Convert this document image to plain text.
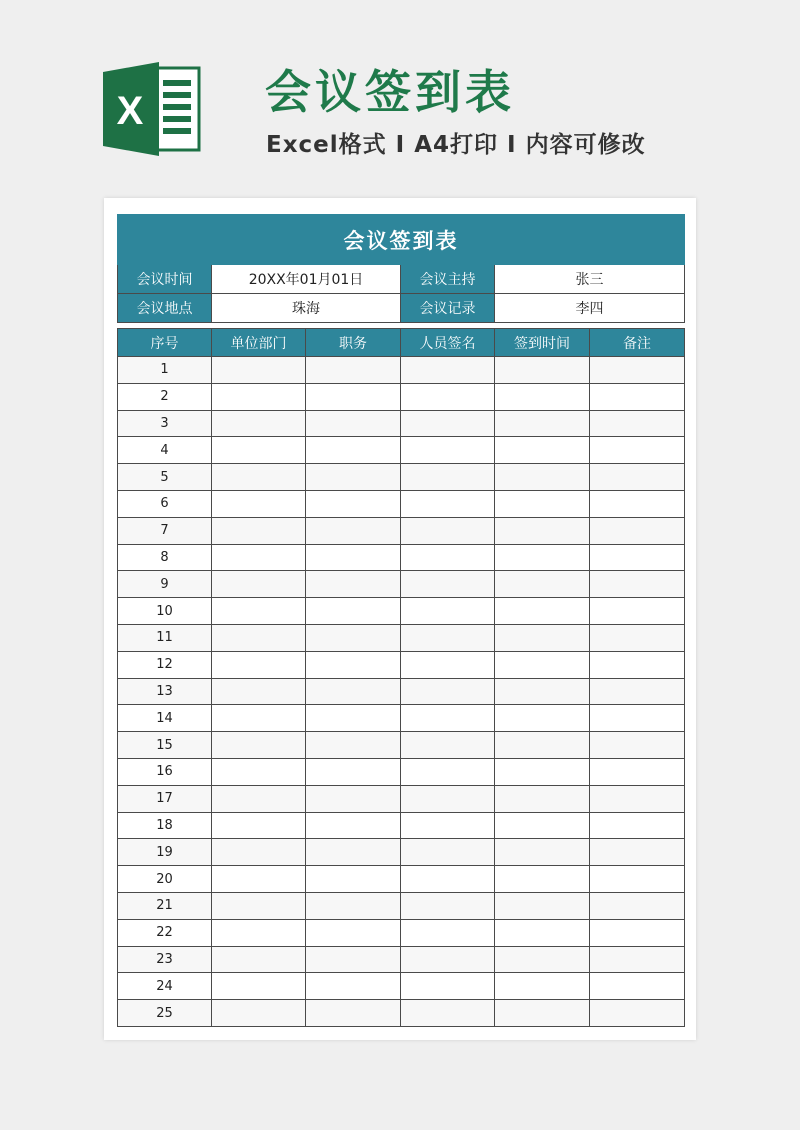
X	会议签到表
Excel格式 I A4打印 I 内容可修改
会议签到表					
会议时间	20XX年01月01日		会议主持	张三	
会议地点	珠海		会议记录	李四	

序号	单位部门	职务	人员签名	签到时间	备注
1					
2					
3					
4					
5					
6					
7					
8					
9					
10					
11					
12					
13					
14					
15					
16					
17					
18					
19					
20					
21					
22					
23					
24					
25					
